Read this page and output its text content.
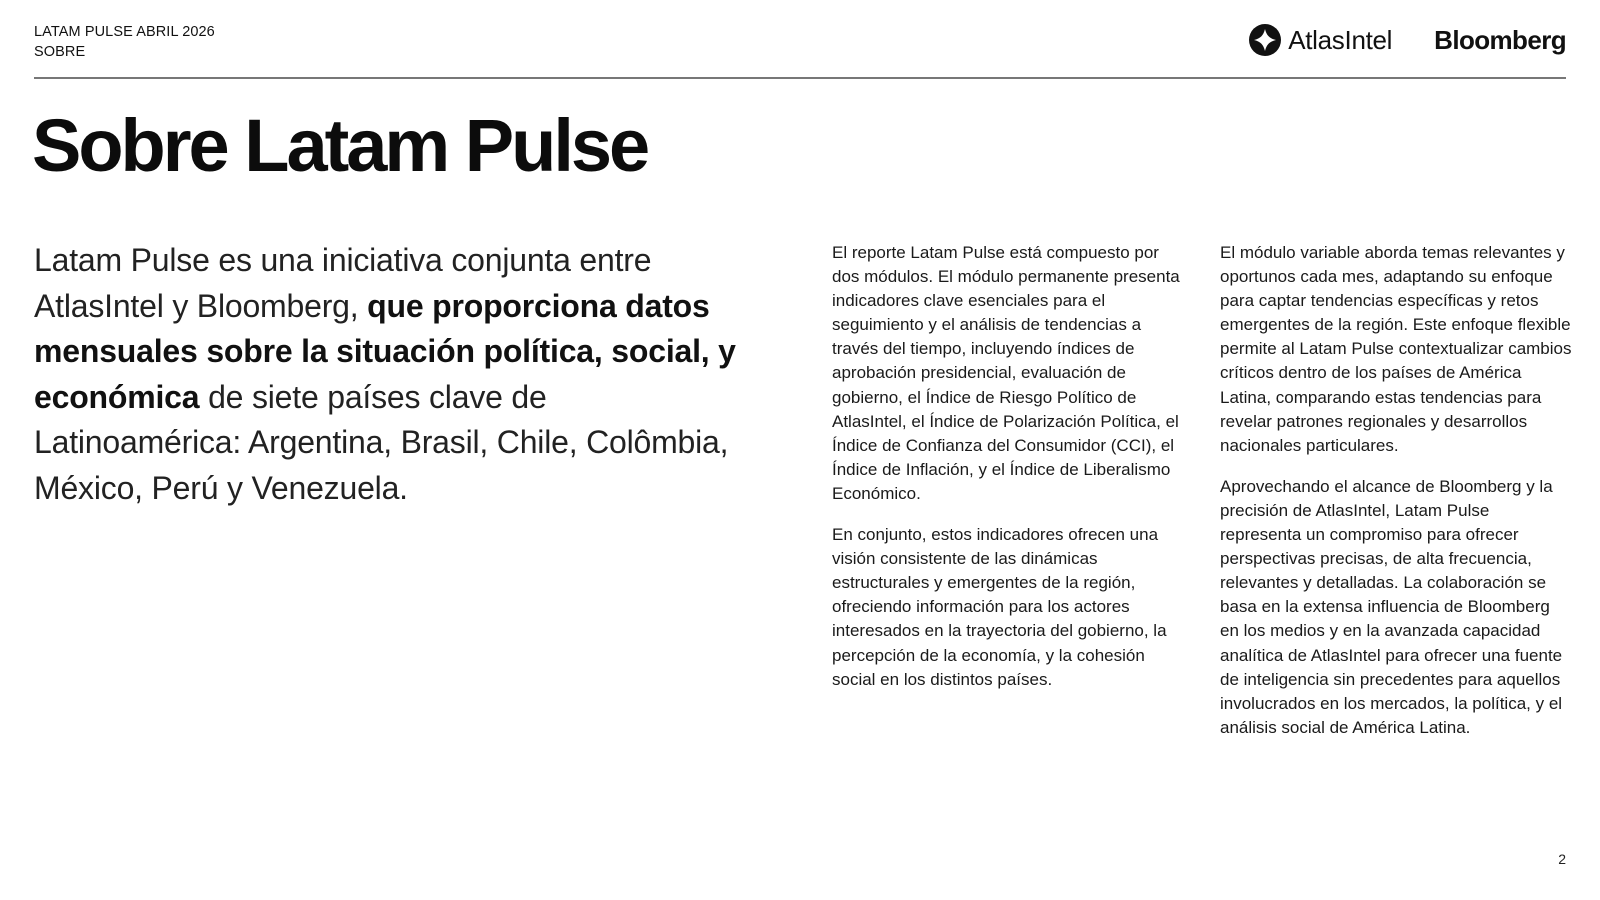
LATAM PULSE ABRIL 2026
SOBRE	AtlasIntel Bloomberg
Sobre Latam Pulse
Latam Pulse es una iniciativa conjunta entre AtlasIntel y Bloomberg, que proporciona datos mensuales sobre la situación política, social, y económica de siete países clave de Latinoamérica: Argentina, Brasil, Chile, Colômbia, México, Perú y Venezuela.

El reporte Latam Pulse está compuesto por dos módulos. El módulo permanente presenta indicadores clave esenciales para el seguimiento y el análisis de tendencias a través del tiempo, incluyendo índices de aprobación presidencial, evaluación de gobierno, el Índice de Riesgo Político de AtlasIntel, el Índice de Polarización Política, el Índice de Confianza del Consumidor (CCI), el Índice de Inflación, y el Índice de Liberalismo Económico.

En conjunto, estos indicadores ofrecen una visión consistente de las dinámicas estructurales y emergentes de la región, ofreciendo información para los actores interesados en la trayectoria del gobierno, la percepción de la economía, y la cohesión social en los distintos países.

El módulo variable aborda temas relevantes y oportunos cada mes, adaptando su enfoque para captar tendencias específicas y retos emergentes de la región. Este enfoque flexible permite al Latam Pulse contextualizar cambios críticos dentro de los países de América Latina, comparando estas tendencias para revelar patrones regionales y desarrollos nacionales particulares.

Aprovechando el alcance de Bloomberg y la precisión de AtlasIntel, Latam Pulse representa un compromiso para ofrecer perspectivas precisas, de alta frecuencia, relevantes y detalladas. La colaboración se basa en la extensa influencia de Bloomberg en los medios y en la avanzada capacidad analítica de AtlasIntel para ofrecer una fuente de inteligencia sin precedentes para aquellos involucrados en los mercados, la política, y el análisis social de América Latina.

2
